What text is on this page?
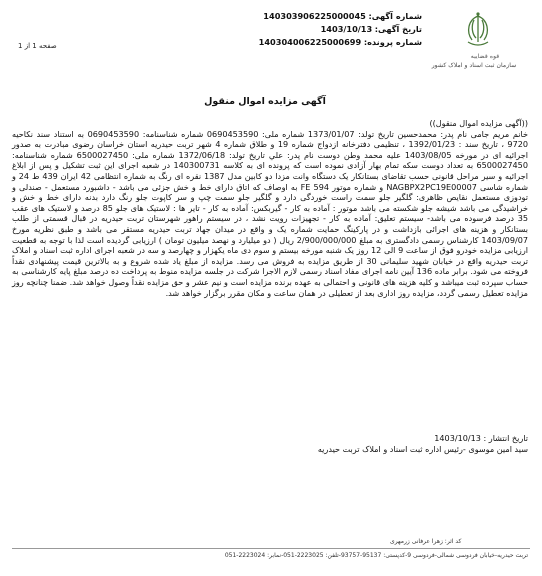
شماره آگهی: 140303906225000045
تاریخ آگهی: 1403/10/13
شماره پرونده: 140304006225000699
قوه قضاییه
سازمان ثبت اسناد و املاک کشور
صفحه 1 از 1
آگهی مزایده اموال منقول

((آگهی مزایده اموال منقول))

خانم مریم جامی نام پدر: محمدحسین تاریخ تولد: 1373/01/07 شماره ملی: 0690453590 شماره شناسنامه: 0690453590 به استناد سند نکاحیه 9720 ، تاریخ سند : 1392/01/23 ، تنظیمی دفترخانه ازدواج شماره 19 و طلاق شماره 4 شهر تربت حیدریه استان خراسان رضوی مبادرت به صدور اجرائیه ای در مورخه 1403/08/05 علیه محمد وطن دوست نام پدر: علي تاریخ تولد: 1372/06/18 شماره ملی: 6500027450 شماره شناسنامه: 6500027450 به تعداد دوست سکه تمام بهار آزادی نموده است که پرونده ای به کلاسه 140300731 در شعبه اجرای این ثبت تشکیل و پس از ابلاغ اجرائیه و سیر مراحل قانونی حسب تقاضای بستانکار یک دستگاه وانت مزدا دو کابین مدل 1387 نقره ای رنگ به شماره انتظامی 42 ایران 439 ط 24 و شماره شاسی NAGBPX2PC19E00007 و شماره موتور 594 FE به اوصاف که اتاق دارای خط و خش جزئی می باشد - داشبورد مستعمل - صندلی و تودوزی مستعمل نقایص ظاهری: گلگیر جلو سمت راست خوردگی دارد و گلگیر جلو سمت چپ و سر کاپوت جلو رنگ دارد بدنه دارای خط و خش و خراشیدگی می باشد شیشه جلو شکسته می باشد موتور : آماده به کار - گیربکس: آماده به کار - تایر ها : لاستیک های جلو 85 درصد و لاستیک های عقب 35 درصد فرسوده می باشد- سیستم تعلیق: آماده به کار - تجهیزات رویت نشد ، در سیستم راهور شهرستان تربت حیدریه در قبال قسمتی از طلب بستانکار و هزینه های اجرائی بازداشت و در پارکینگ حمایت شماره یک و واقع در میدان جهاد تربت حیدریه مستقر می باشد و طبق نظریه مورخ 1403/09/07 کارشناس رسمی دادگستری به مبلغ 2/900/000/000 ریال ( دو میلیارد و نهصد میلیون تومان ) ارزیابی گردیده است لذا با توجه به قطعیت ارزیابی مزایده خودرو فوق از ساعت 9 الی 12 روز یک شنبه مورخه بیستم و سوم دی ماه یکهزار و چهارصد و سه در شعبه اجرای اداره ثبت اسناد و املاک تربت حیدریه واقع در خیابان شهید سلیمانی 30 از طریق مزایده به فروش می رسد. مزایده از مبلغ یاد شده شروع و به بالاترین قیمت پیشنهادی نقداً فروخته می شود. برابر ماده 136 آیین نامه اجرای مفاد اسناد رسمی لازم الاجرا شرکت در جلسه مزایده منوط به پرداخت ده درصد مبلغ پایه کارشناسی به حساب سپرده ثبت میباشد و کلیه هزینه های قانونی و احتمالی به عهده برنده مزایده است و نیم عشر و حق مزایده نقداً وصول خواهد شد. ضمنا چنانچه روز مزایده تعطیل رسمی گردد، مزایده روز اداری بعد از تعطیلی در همان ساعت و مکان مقرر برگزار خواهد شد.

تاریخ انتشار : 1403/10/13
سید امین موسوی -رئیس اداره ثبت اسناد و املاک تربت حیدریه
کد اثر: زهرا عرفانی زرمهری
تربت حیدریه-خیابان فردوسی شمالی-فردوسی 9-کدپستی: 95137-93757-تلفن: 2223025-051-نمابر: 2223024-051
